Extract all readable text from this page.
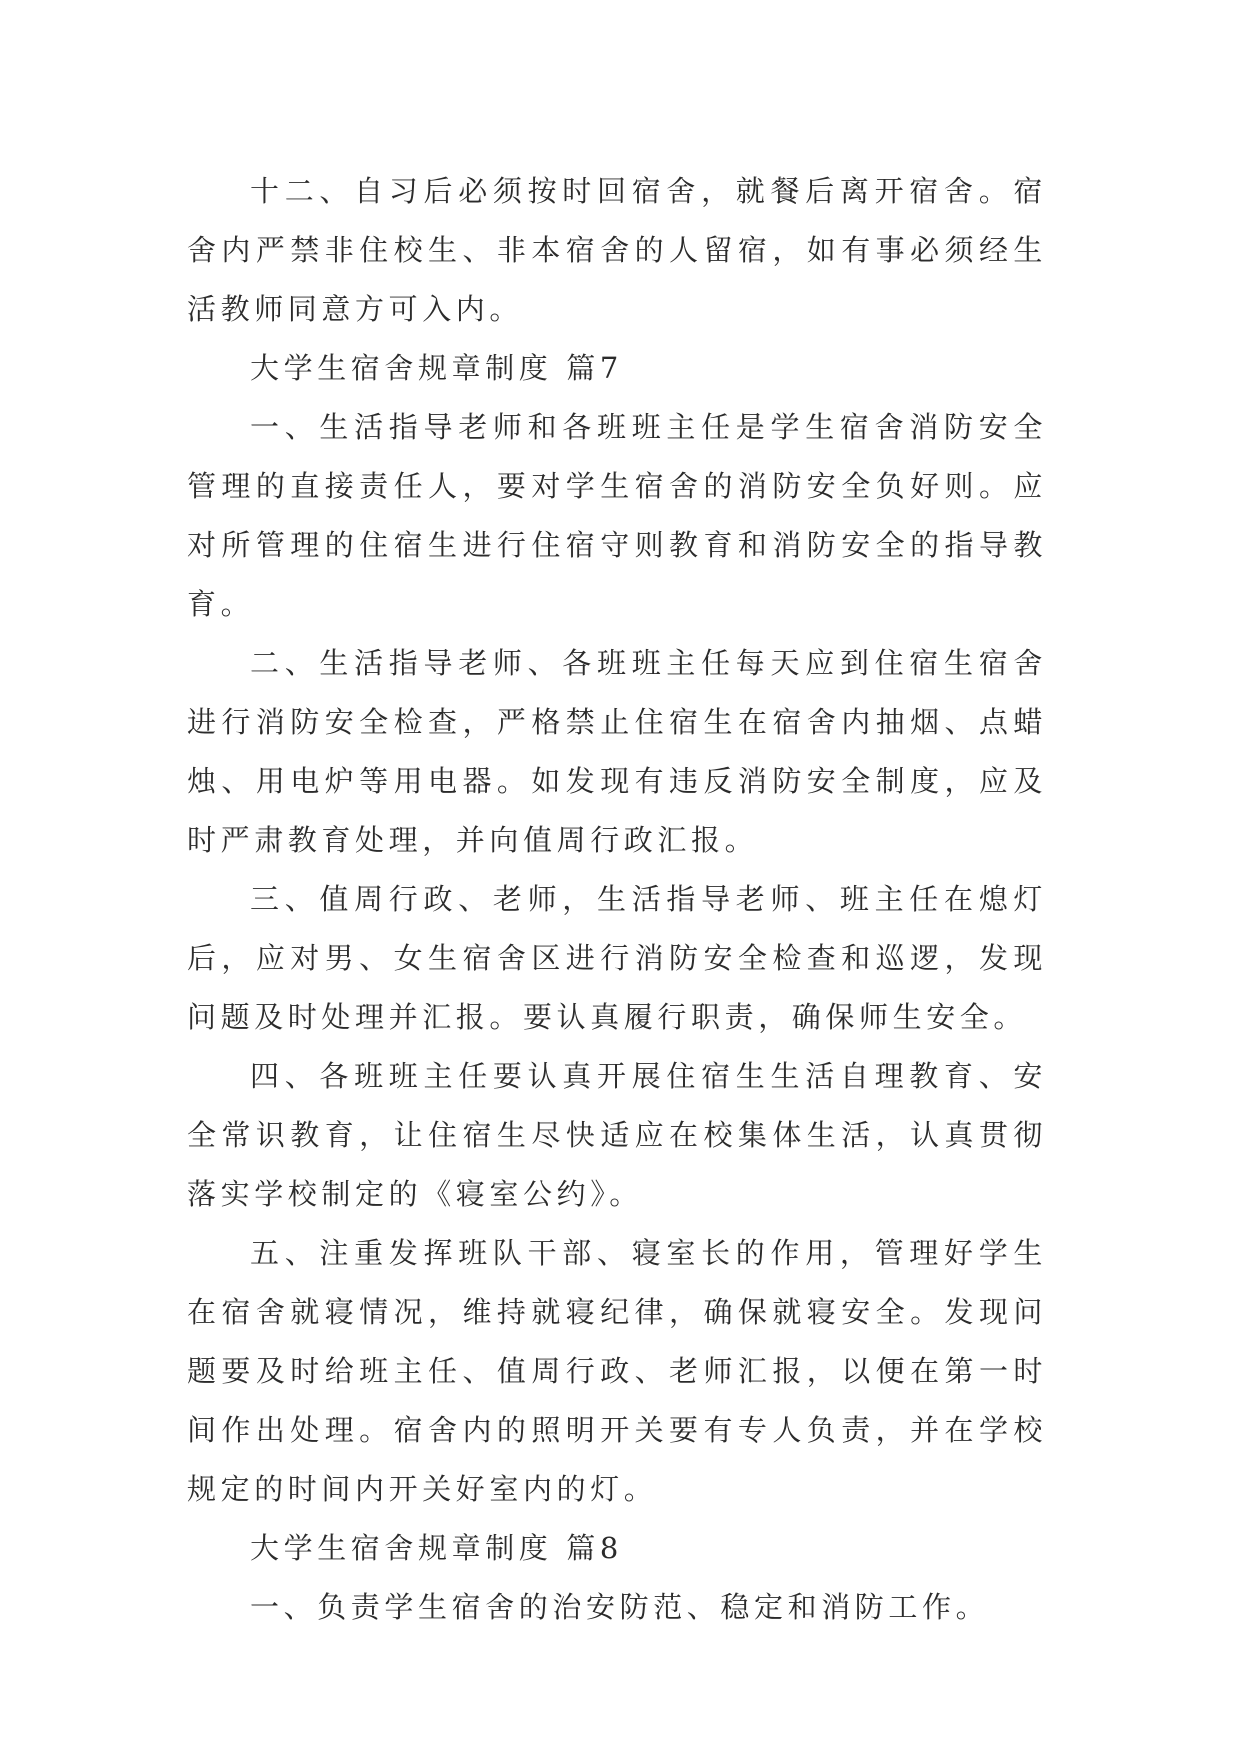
十二、自习后必须按时回宿舍，就餐后离开宿舍。宿舍内严禁非住校生、非本宿舍的人留宿，如有事必须经生活教师同意方可入内。

大学生宿舍规章制度 篇7

一、生活指导老师和各班班主任是学生宿舍消防安全管理的直接责任人，要对学生宿舍的消防安全负好则。应对所管理的住宿生进行住宿守则教育和消防安全的指导教育。

二、生活指导老师、各班班主任每天应到住宿生宿舍进行消防安全检查，严格禁止住宿生在宿舍内抽烟、点蜡烛、用电炉等用电器。如发现有违反消防安全制度，应及时严肃教育处理，并向值周行政汇报。

三、值周行政、老师，生活指导老师、班主任在熄灯后，应对男、女生宿舍区进行消防安全检查和巡逻，发现问题及时处理并汇报。要认真履行职责，确保师生安全。

四、各班班主任要认真开展住宿生生活自理教育、安全常识教育，让住宿生尽快适应在校集体生活，认真贯彻落实学校制定的《寝室公约》。

五、注重发挥班队干部、寝室长的作用，管理好学生在宿舍就寝情况，维持就寝纪律，确保就寝安全。发现问题要及时给班主任、值周行政、老师汇报，以便在第一时间作出处理。宿舍内的照明开关要有专人负责，并在学校规定的时间内开关好室内的灯。

大学生宿舍规章制度 篇8

一、负责学生宿舍的治安防范、稳定和消防工作。
